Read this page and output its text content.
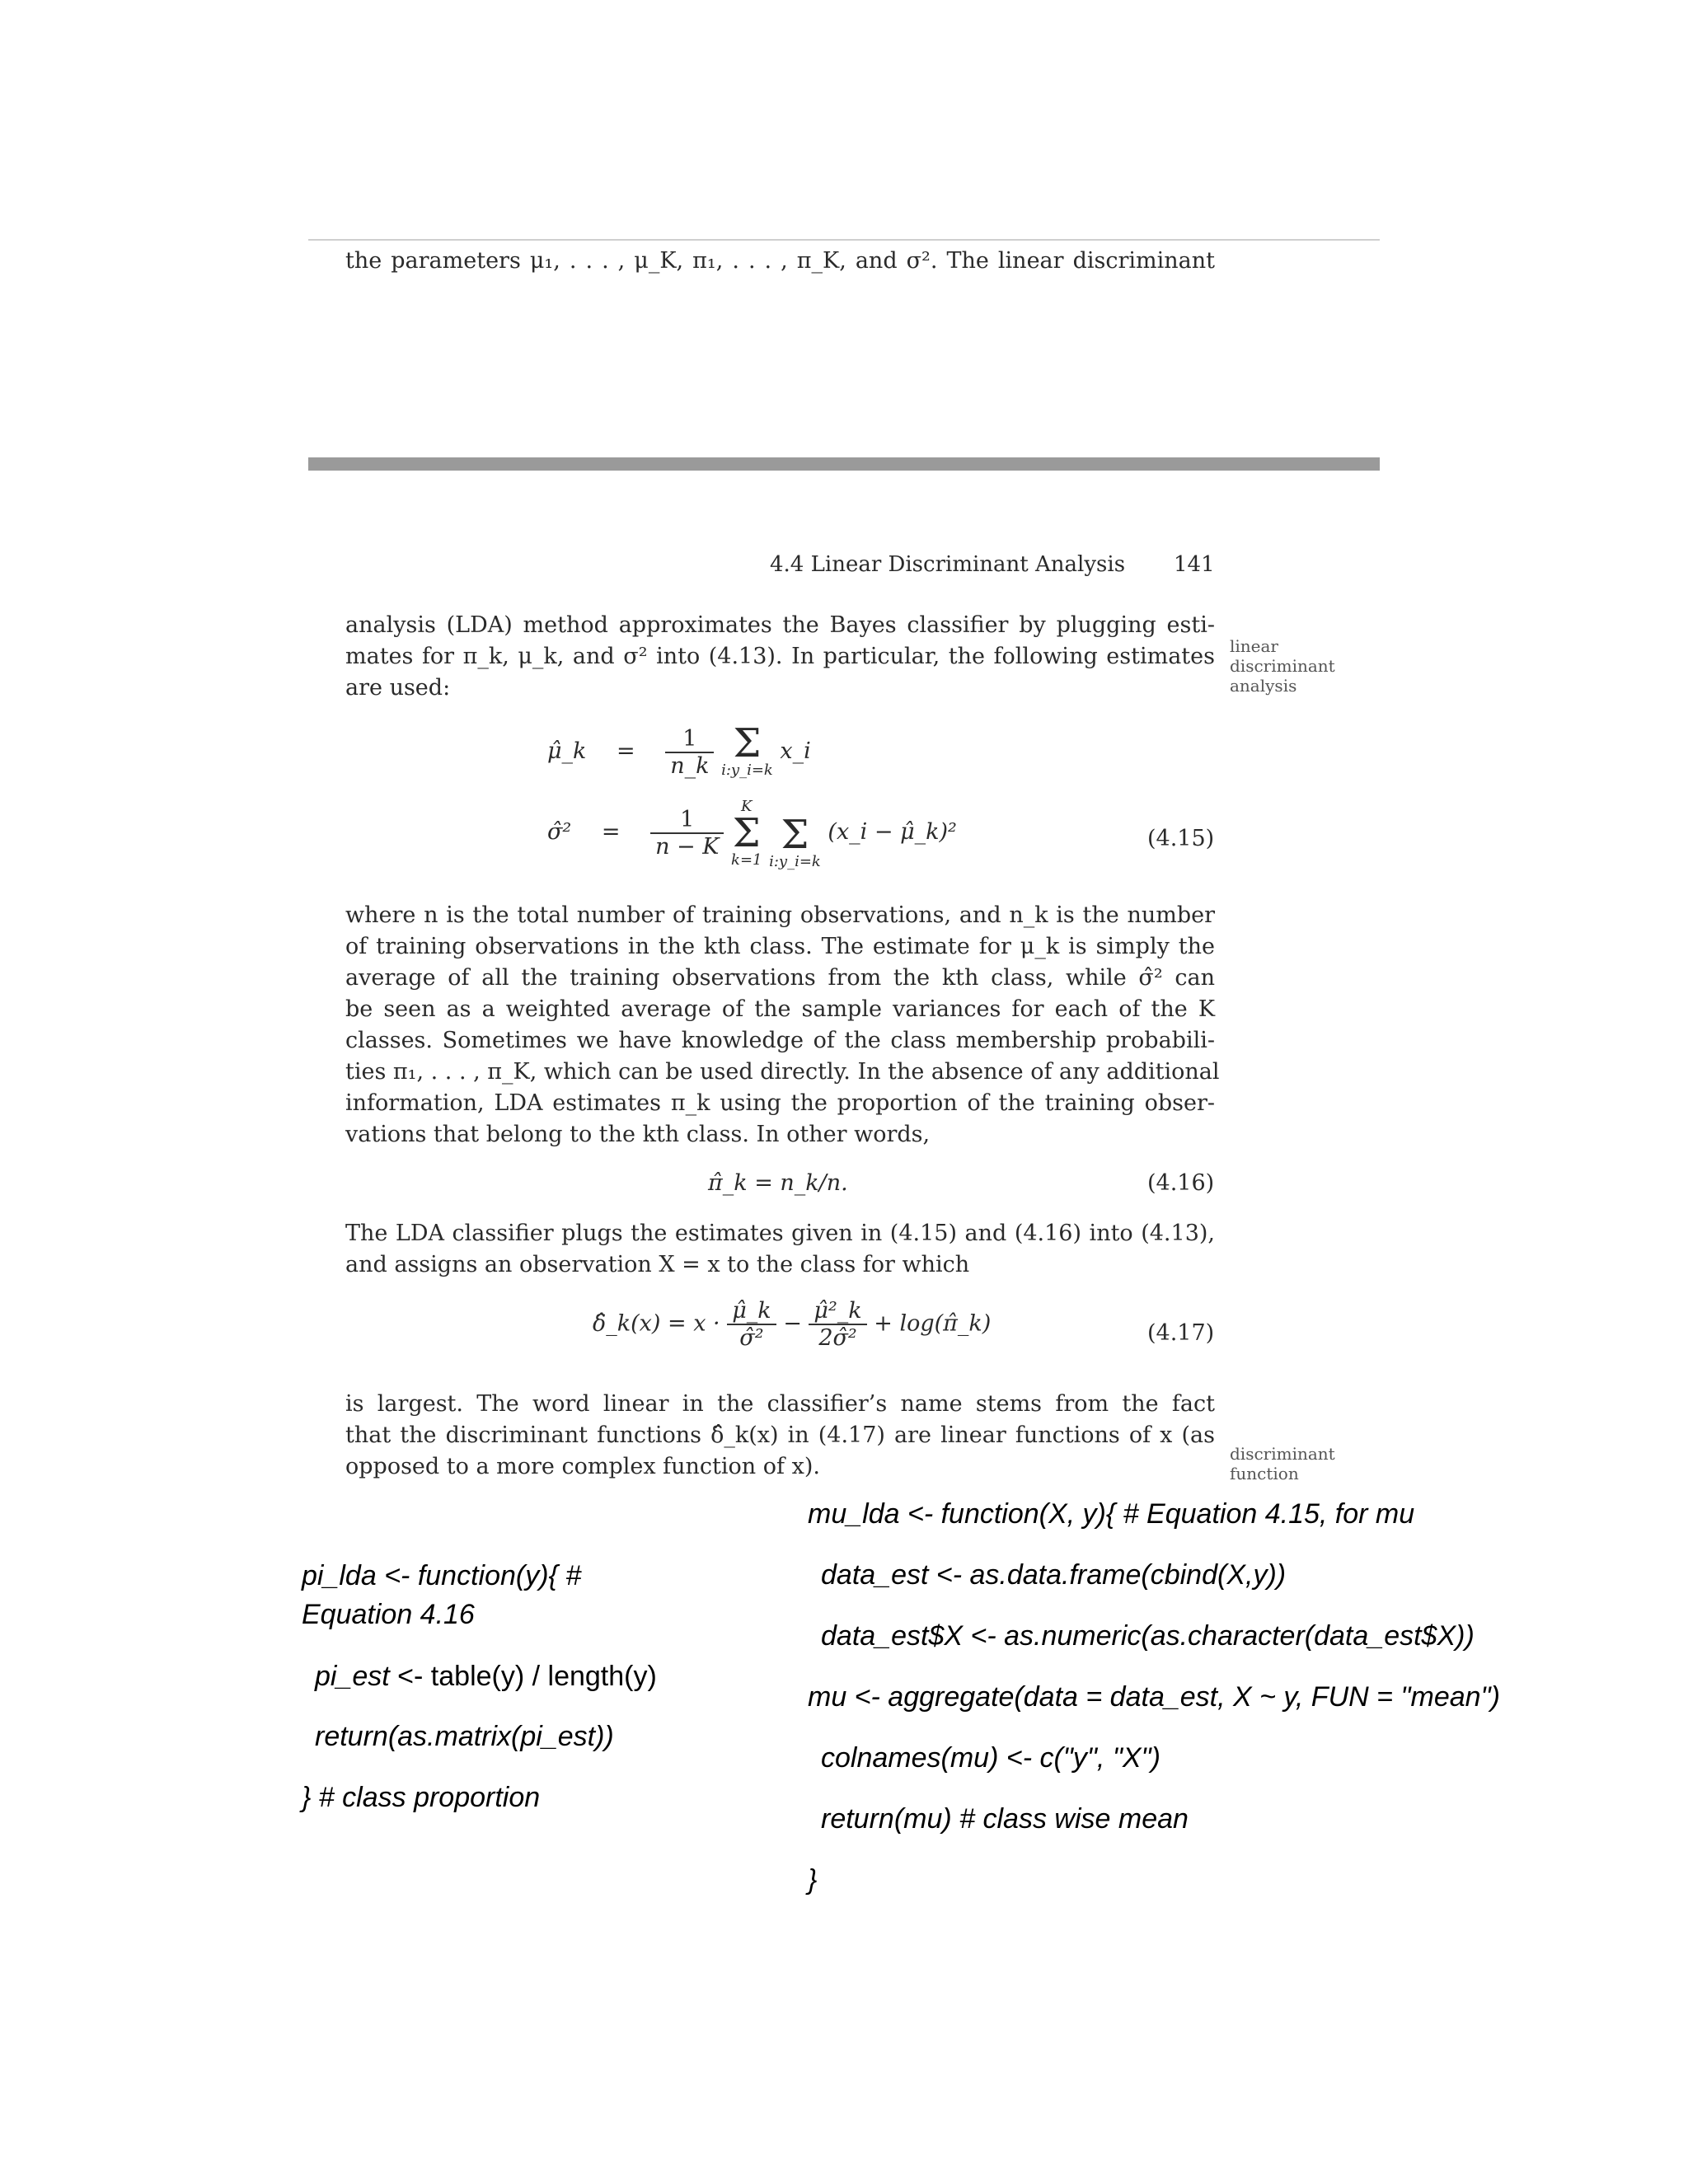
the parameters μ₁, . . . , μ_K, π₁, . . . , π_K, and σ². The linear discriminant
4.4 Linear Discriminant Analysis 141
analysis (LDA) method approximates the Bayes classifier by plugging esti-
mates for π_k, μ_k, and σ² into (4.13). In particular, the following estimates
are used:
linear
discriminant
analysis
μ̂_k = $\frac{1}{n\_k}$
Σ
i:y_i=k
x_i
σ̂² = $\frac{1}{n - K}$

K
Σ
k=1

Σ
i:y_i=k
(x_i − μ̂_k)²	(4.15)
where n is the total number of training observations, and n_k is the number
of training observations in the kth class. The estimate for μ_k is simply the
average of all the training observations from the kth class, while σ̂² can
be seen as a weighted average of the sample variances for each of the K
classes. Sometimes we have knowledge of the class membership probabili-
ties π₁, . . . , π_K, which can be used directly. In the absence of any additional
information, LDA estimates π_k using the proportion of the training obser-
vations that belong to the kth class. In other words,
π̂_k = n_k/n.	(4.16)
The LDA classifier plugs the estimates given in (4.15) and (4.16) into (4.13),
and assigns an observation X = x to the class for which
δ̂_k(x) = $x \cdot \frac{\mû\_k}{\text{σ̂²}} - \frac{\text{μ̂²\_k}}{\text{2σ̂²}}$ + log(π̂_k)	(4.17)
is largest. The word linear in the classifier’s name stems from the fact
that the discriminant functions δ̂_k(x) in (4.17) are linear functions of x (as
opposed to a more complex function of x).	discriminant
function
pi_lda <- function(y){ #
Equation 4.16
pi_est <- table(y) / length(y)
return(as.matrix(pi_est))
} # class proportion
mu_lda <- function(X, y){ # Equation 4.15, for mu
data_est <- as.data.frame(cbind(X,y))
data_est$X <- as.numeric(as.character(data_est$X))
mu <- aggregate(data = data_est, X ~ y, FUN = "mean")
colnames(mu) <- c("y", "X")
return(mu) # class wise mean
}
